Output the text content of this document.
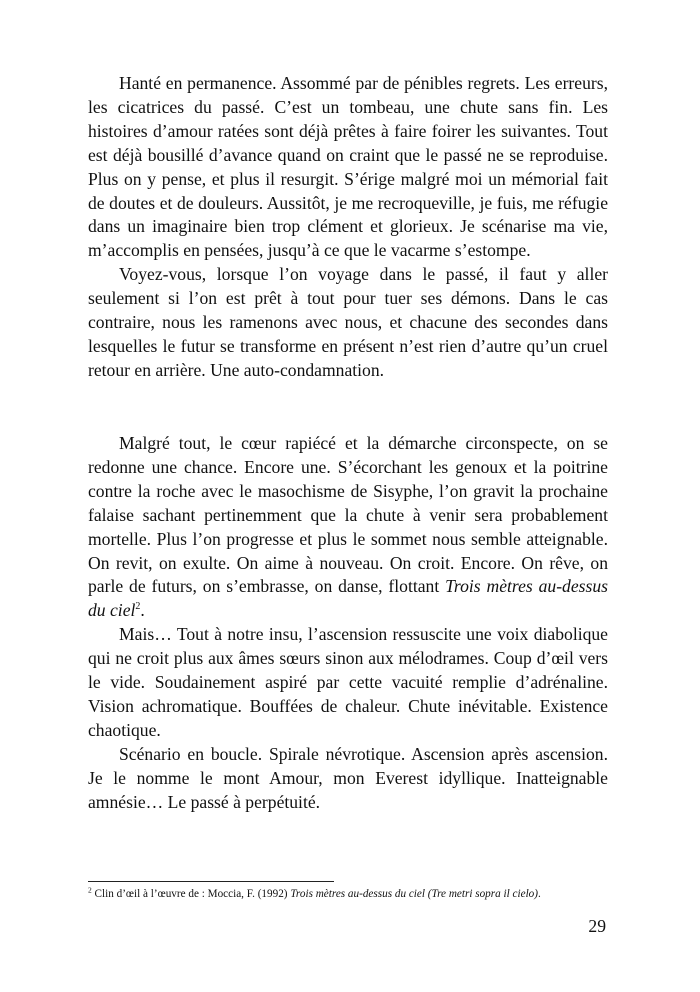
Hanté en permanence. Assommé par de pénibles regrets. Les erreurs, les cicatrices du passé. C’est un tombeau, une chute sans fin. Les histoires d’amour ratées sont déjà prêtes à faire foirer les suivantes. Tout est déjà bousillé d’avance quand on craint que le passé ne se reproduise. Plus on y pense, et plus il resurgit. S’érige malgré moi un mémorial fait de doutes et de douleurs. Aussitôt, je me recroqueville, je fuis, me réfugie dans un imaginaire bien trop clément et glorieux. Je scénarise ma vie, m’accomplis en pensées, jusqu’à ce que le vacarme s’estompe.

Voyez-vous, lorsque l’on voyage dans le passé, il faut y aller seulement si l’on est prêt à tout pour tuer ses démons. Dans le cas contraire, nous les ramenons avec nous, et chacune des secondes dans lesquelles le futur se transforme en présent n’est rien d’autre qu’un cruel retour en arrière. Une auto-condamnation.

Malgré tout, le cœur rapiécé et la démarche circonspecte, on se redonne une chance. Encore une. S’écorchant les genoux et la poitrine contre la roche avec le masochisme de Sisyphe, l’on gravit la prochaine falaise sachant pertinemment que la chute à venir sera probablement mortelle. Plus l’on progresse et plus le sommet nous semble atteignable. On revit, on exulte. On aime à nouveau. On croit. Encore. On rêve, on parle de futurs, on s’embrasse, on danse, flottant Trois mètres au-dessus du ciel$^2$.

Mais… Tout à notre insu, l’ascension ressuscite une voix diabolique qui ne croit plus aux âmes sœurs sinon aux mélodrames. Coup d’œil vers le vide. Soudainement aspiré par cette vacuité remplie d’adrénaline. Vision achromatique. Bouffées de chaleur. Chute inévitable. Existence chaotique.

Scénario en boucle. Spirale névrotique. Ascension après ascension. Je le nomme le mont Amour, mon Everest idyllique. Inatteignable amnésie… Le passé à perpétuité.

$^2$ Clin d’œil à l’œuvre de : Moccia, F. (1992) Trois mètres au-dessus du ciel (Tre metri sopra il cielo).
29
